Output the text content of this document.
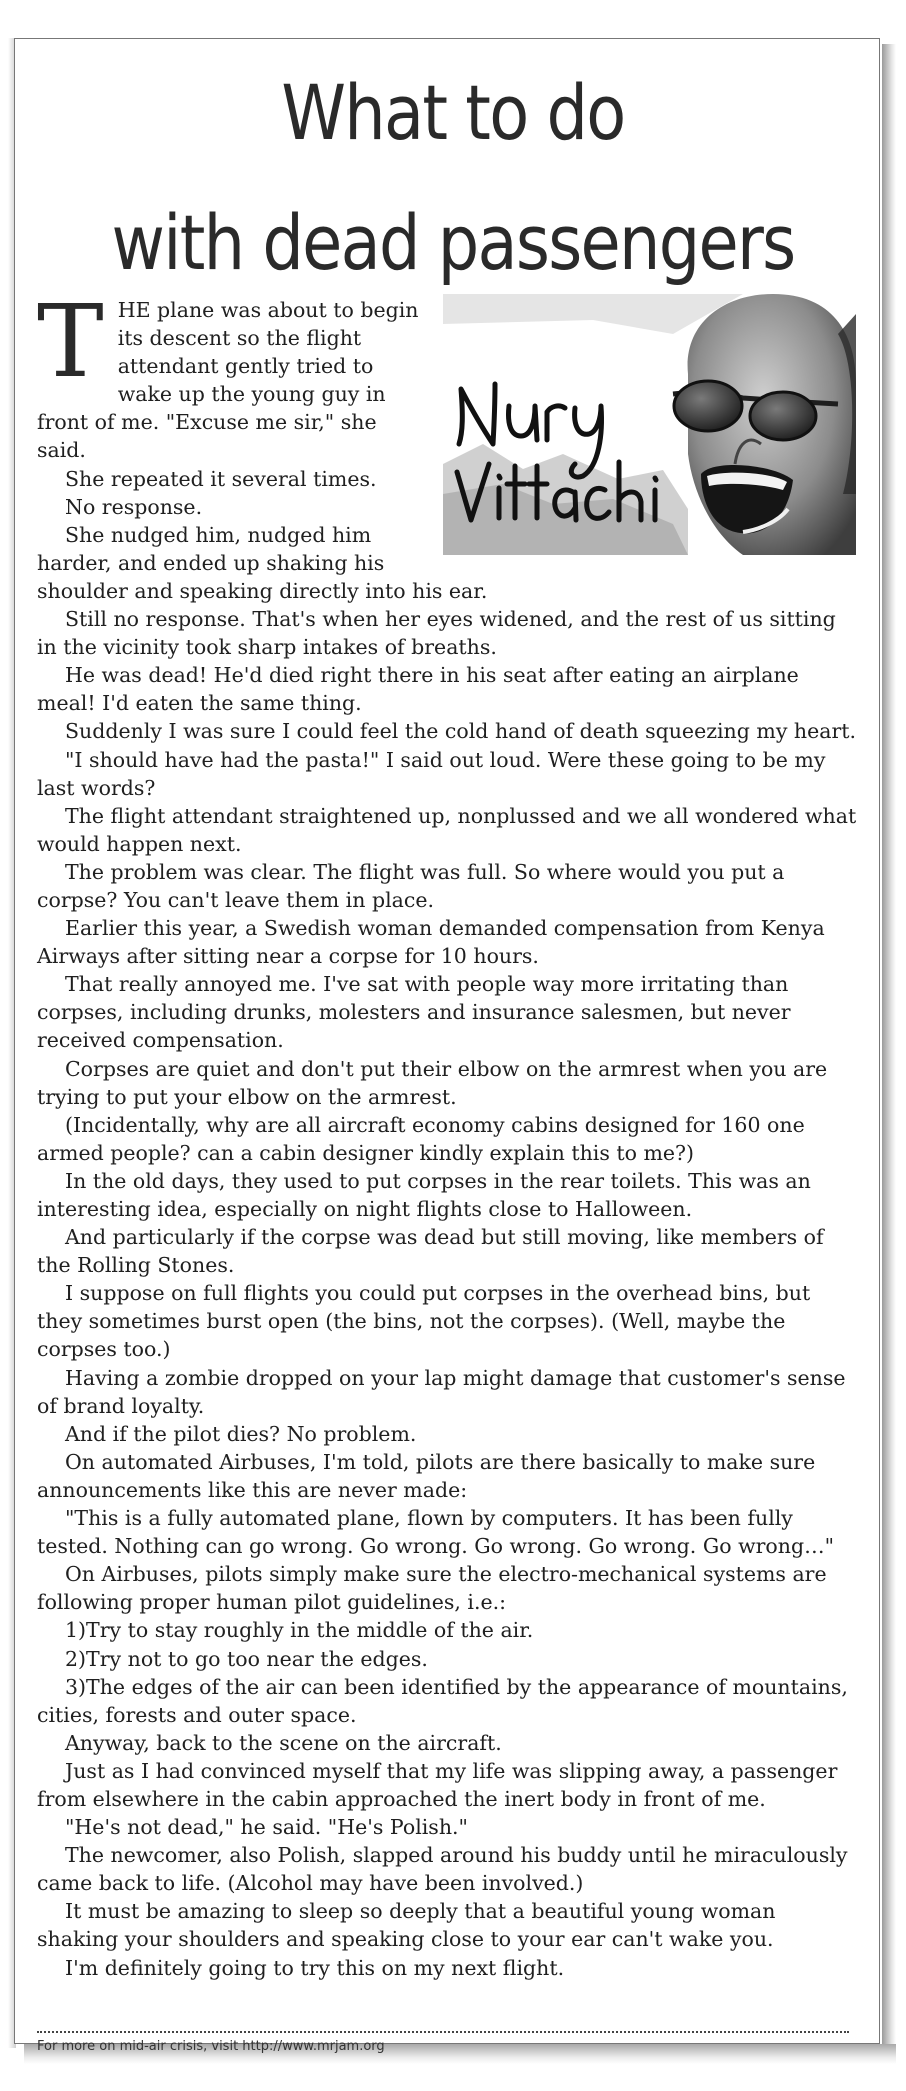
What to do
with dead passengers

THE plane was about to begin its descent so the flight attendant gently tried to wake up the young guy in front of me. "Excuse me sir," she said.

She repeated it several times.

No response.

She nudged him, nudged him harder, and ended up shaking his shoulder and speaking directly into his ear.

Still no response. That's when her eyes widened, and the rest of us sitting in the vicinity took sharp intakes of breaths.

He was dead! He'd died right there in his seat after eating an airplane meal! I'd eaten the same thing.

Suddenly I was sure I could feel the cold hand of death squeezing my heart.

"I should have had the pasta!" I said out loud. Were these going to be my last words?

The flight attendant straightened up, nonplussed and we all wondered what would happen next.

The problem was clear. The flight was full. So where would you put a corpse? You can't leave them in place.

Earlier this year, a Swedish woman demanded compensation from Kenya Airways after sitting near a corpse for 10 hours.

That really annoyed me. I've sat with people way more irritating than corpses, including drunks, molesters and insurance salesmen, but never received compensation.

Corpses are quiet and don't put their elbow on the armrest when you are trying to put your elbow on the armrest.

(Incidentally, why are all aircraft economy cabins designed for 160 one armed people? can a cabin designer kindly explain this to me?)

In the old days, they used to put corpses in the rear toilets. This was an interesting idea, especially on night flights close to Halloween.

And particularly if the corpse was dead but still moving, like members of the Rolling Stones.

I suppose on full flights you could put corpses in the overhead bins, but they sometimes burst open (the bins, not the corpses). (Well, maybe the corpses too.)

Having a zombie dropped on your lap might damage that customer's sense of brand loyalty.

And if the pilot dies? No problem.

On automated Airbuses, I'm told, pilots are there basically to make sure announcements like this are never made:

"This is a fully automated plane, flown by computers. It has been fully tested. Nothing can go wrong. Go wrong. Go wrong. Go wrong. Go wrong…"

On Airbuses, pilots simply make sure the electro-mechanical systems are following proper human pilot guidelines, i.e.:

1)Try to stay roughly in the middle of the air.

2)Try not to go too near the edges.

3)The edges of the air can been identified by the appearance of mountains, cities, forests and outer space.

Anyway, back to the scene on the aircraft.

Just as I had convinced myself that my life was slipping away, a passenger from elsewhere in the cabin approached the inert body in front of me.

"He's not dead," he said. "He's Polish."

The newcomer, also Polish, slapped around his buddy until he miraculously came back to life. (Alcohol may have been involved.)

It must be amazing to sleep so deeply that a beautiful young woman shaking your shoulders and speaking close to your ear can't wake you.

I'm definitely going to try this on my next flight.

For more on mid-air crisis, visit http://www.mrjam.org
